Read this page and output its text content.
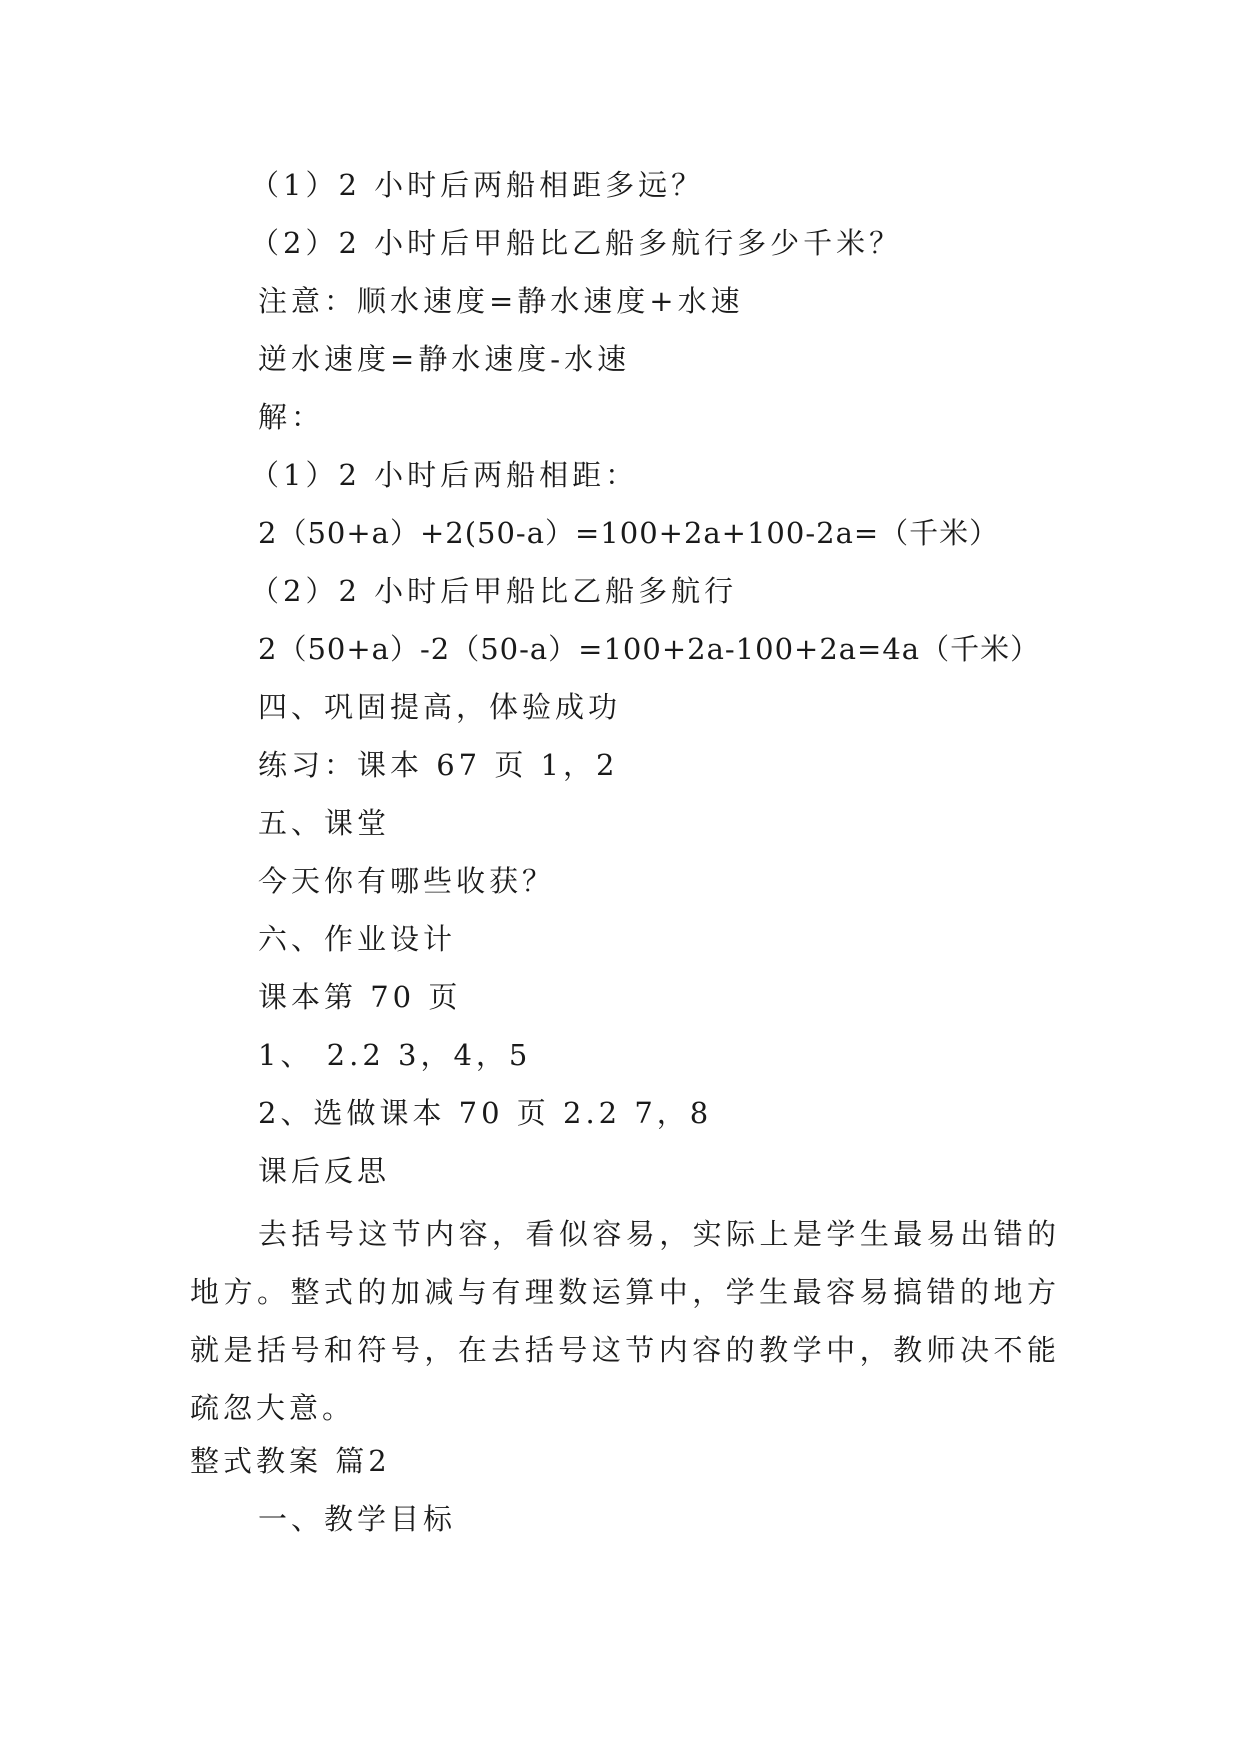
（1）2 小时后两船相距多远？
（2）2 小时后甲船比乙船多航行多少千米？
注意：顺水速度=静水速度+水速
逆水速度=静水速度-水速
解：
（1）2 小时后两船相距：
2（50+a）+2(50-a）=100+2a+100-2a=（千米）
（2）2 小时后甲船比乙船多航行
2（50+a）-2（50-a）=100+2a-100+2a=4a（千米）
四、巩固提高，体验成功
练习：课本 67 页 1，2
五、课堂
今天你有哪些收获？
六、作业设计
课本第 70 页
1、 2.2 3，4，5
2、选做课本 70 页 2.2 7，8
课后反思
去括号这节内容，看似容易，实际上是学生最易出错的地方。整式的加减与有理数运算中，学生最容易搞错的地方就是括号和符号，在去括号这节内容的教学中，教师决不能疏忽大意。
整式教案 篇2
一、教学目标
